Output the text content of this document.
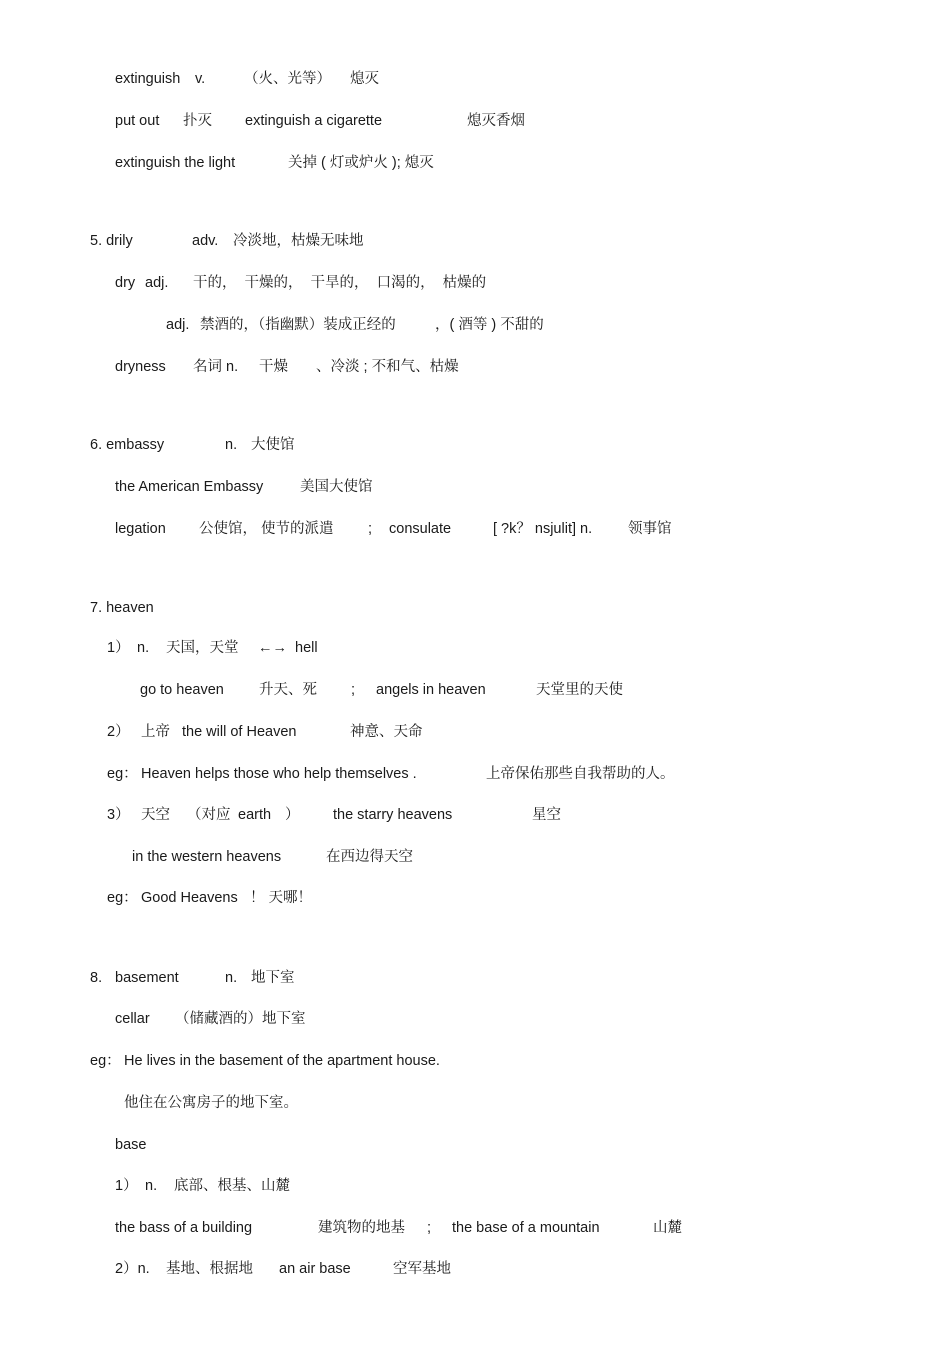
extinguish v.	（火、光等） 熄灭
put out 扑灭 extinguish a cigarette	熄灭香烟
extinguish the light	关掉 ( 灯或炉火 ); 熄灭
5. drily	adv. 冷淡地，枯燥无味地
dry adj. 干的， 干燥的， 干旱的， 口渴的， 枯燥的
adj. 禁酒的，（指幽默）装成正经的	，( 酒等 ) 不甜的
dryness 名词 n. 干燥 、冷淡 ; 不和气、枯燥
6. embassy	n. 大使馆
the American Embassy	美国大使馆
legation 公使馆， 使节的派遣 ; consulate	[ ?k？ nsjulit] n. 领事馆
7. heaven
1） n. 天国，天堂 ←→ hell
go to heaven 升天、死 ; angels in heaven	天堂里的天使
2） 上帝 the will of Heaven	神意、天命
eg： Heaven helps those who help themselves .	上帝保佑那些自我帮助的人。
3） 天空 （对应 earth ） the starry heavens	星空
in the western heavens	在西边得天空
eg： Good Heavens ！ 天哪！
8. basement	n. 地下室
cellar （储藏酒的）地下室
eg： He lives in the basement of the apartment house.
他住在公寓房子的地下室。
base
1） n. 底部、根基、山麓
the bass of a building	建筑物的地基 ; the base of a mountain	山麓
2）n. 基地、根据地 an air base	空军基地
